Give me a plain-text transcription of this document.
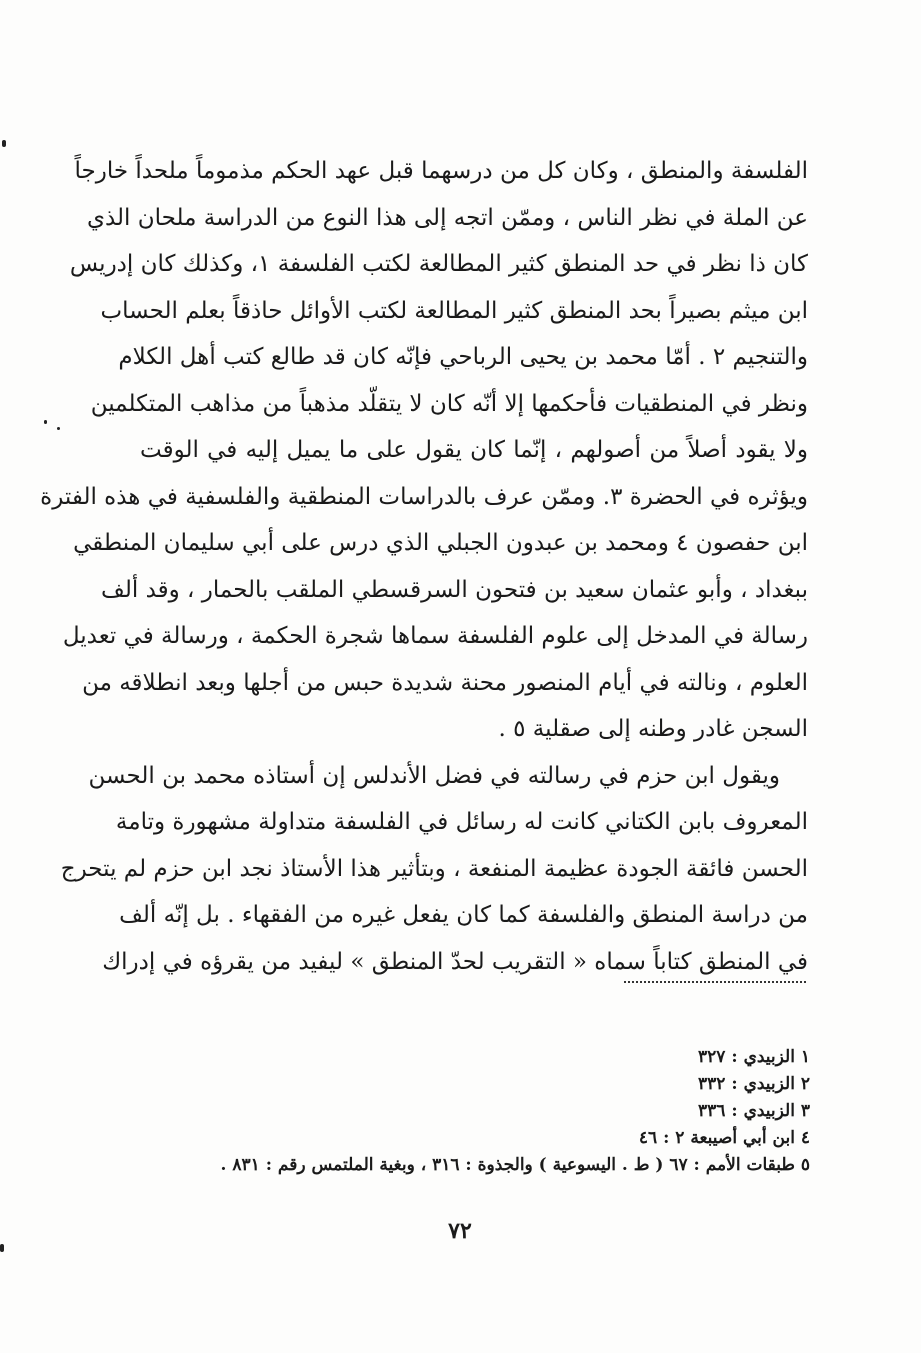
الفلسفة والمنطق ، وكان كل من درسهما قبل عهد الحكم مذموماً ملحداً خارجاً
عن الملة في نظر الناس ، وممّن اتجه إلى هذا النوع من الدراسة ملحان الذي
كان ذا نظر في حد المنطق كثير المطالعة لكتب الفلسفة ١، وكذلك كان إدريس
ابن ميثم بصيراً بحد المنطق كثير المطالعة لكتب الأوائل حاذقاً بعلم الحساب
والتنجيم ٢ . أمّا محمد بن يحيى الرباحي فإنّه كان قد طالع كتب أهل الكلام
ونظر في المنطقيات فأحكمها إلا أنّه كان لا يتقلّد مذهباً من مذاهب المتكلمين
ولا يقود أصلاً من أصولهم ، إنّما كان يقول على ما يميل إليه في الوقت
ويؤثره في الحضرة ٣. وممّن عرف بالدراسات المنطقية والفلسفية في هذه الفترة
ابن حفصون ٤ ومحمد بن عبدون الجبلي الذي درس على أبي سليمان المنطقي
ببغداد ، وأبو عثمان سعيد بن فتحون السرقسطي الملقب بالحمار ، وقد ألف
رسالة في المدخل إلى علوم الفلسفة سماها شجرة الحكمة ، ورسالة في تعديل
العلوم ، ونالته في أيام المنصور محنة شديدة حبس من أجلها وبعد انطلاقه من
السجن غادر وطنه إلى صقلية ٥ .
ويقول ابن حزم في رسالته في فضل الأندلس إن أستاذه محمد بن الحسن
المعروف بابن الكتاني كانت له رسائل في الفلسفة متداولة مشهورة وتامة
الحسن فائقة الجودة عظيمة المنفعة ، وبتأثير هذا الأستاذ نجد ابن حزم لم يتحرج
من دراسة المنطق والفلسفة كما كان يفعل غيره من الفقهاء . بل إنّه ألف
في المنطق كتاباً سماه « التقريب لحدّ المنطق » ليفيد من يقرؤه في إدراك
١ الزبيدي : ٣٢٧
٢ الزبيدي : ٣٣٢
٣ الزبيدي : ٣٣٦
٤ ابن أبي أصيبعة ٢ : ٤٦
٥ طبقات الأمم : ٦٧ ( ط . اليسوعية ) والجذوة : ٣١٦ ، وبغية الملتمس رقم : ٨٣١ .
٧٢
